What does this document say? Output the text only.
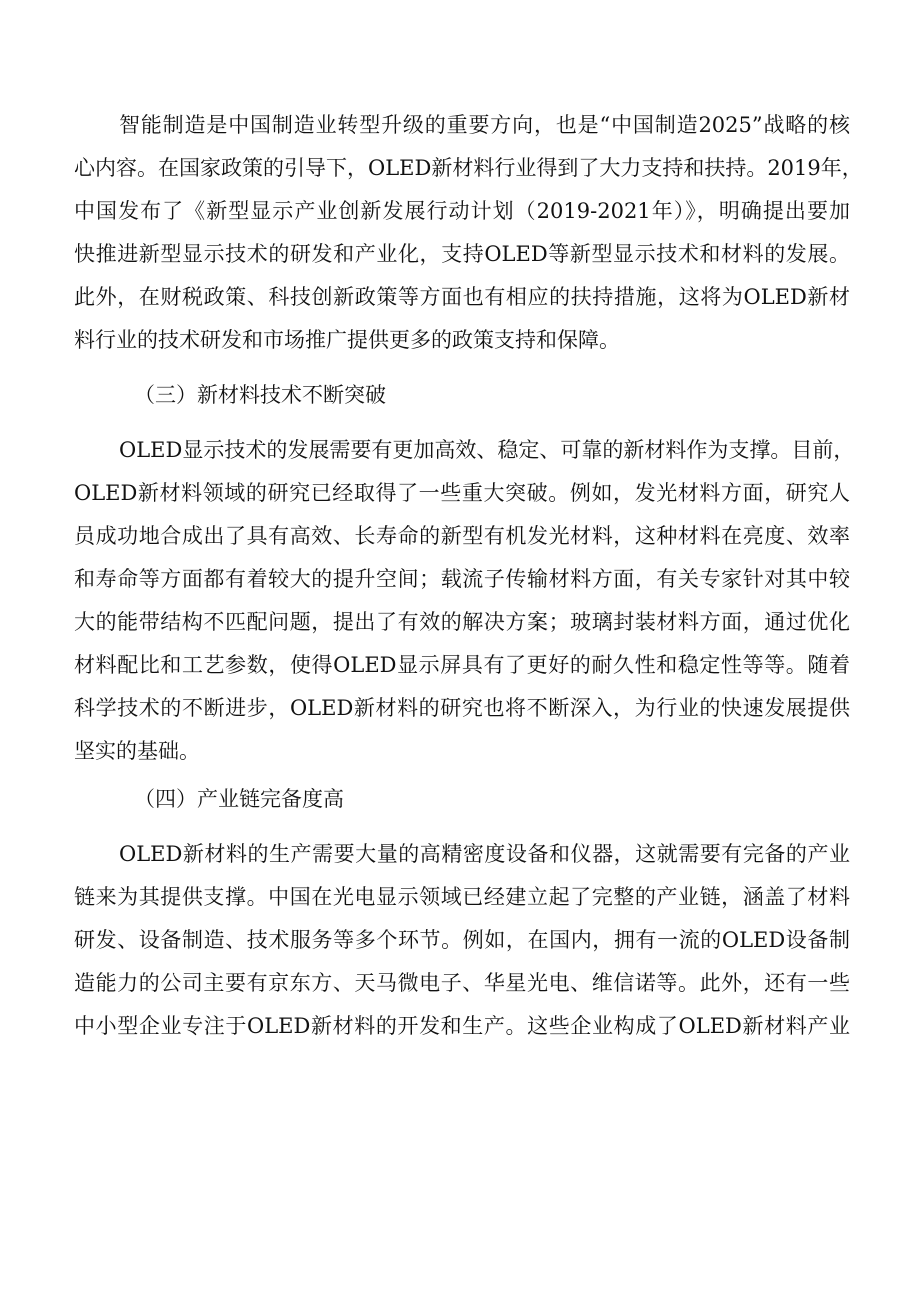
智能制造是中国制造业转型升级的重要方向，也是“中国制造2025”战略的核
心内容。在国家政策的引导下，OLED新材料行业得到了大力支持和扶持。2019年，
中国发布了《新型显示产业创新发展行动计划（2019-2021年）》，明确提出要加
快推进新型显示技术的研发和产业化，支持OLED等新型显示技术和材料的发展。
此外，在财税政策、科技创新政策等方面也有相应的扶持措施，这将为OLED新材
料行业的技术研发和市场推广提供更多的政策支持和保障。
（三）新材料技术不断突破
OLED显示技术的发展需要有更加高效、稳定、可靠的新材料作为支撑。目前，
OLED新材料领域的研究已经取得了一些重大突破。例如，发光材料方面，研究人
员成功地合成出了具有高效、长寿命的新型有机发光材料，这种材料在亮度、效率
和寿命等方面都有着较大的提升空间；载流子传输材料方面，有关专家针对其中较
大的能带结构不匹配问题，提出了有效的解决方案；玻璃封装材料方面，通过优化
材料配比和工艺参数，使得OLED显示屏具有了更好的耐久性和稳定性等等。随着
科学技术的不断进步，OLED新材料的研究也将不断深入，为行业的快速发展提供
坚实的基础。
（四）产业链完备度高
OLED新材料的生产需要大量的高精密度设备和仪器，这就需要有完备的产业
链来为其提供支撑。中国在光电显示领域已经建立起了完整的产业链，涵盖了材料
研发、设备制造、技术服务等多个环节。例如，在国内，拥有一流的OLED设备制
造能力的公司主要有京东方、天马微电子、华星光电、维信诺等。此外，还有一些
中小型企业专注于OLED新材料的开发和生产。这些企业构成了OLED新材料产业
